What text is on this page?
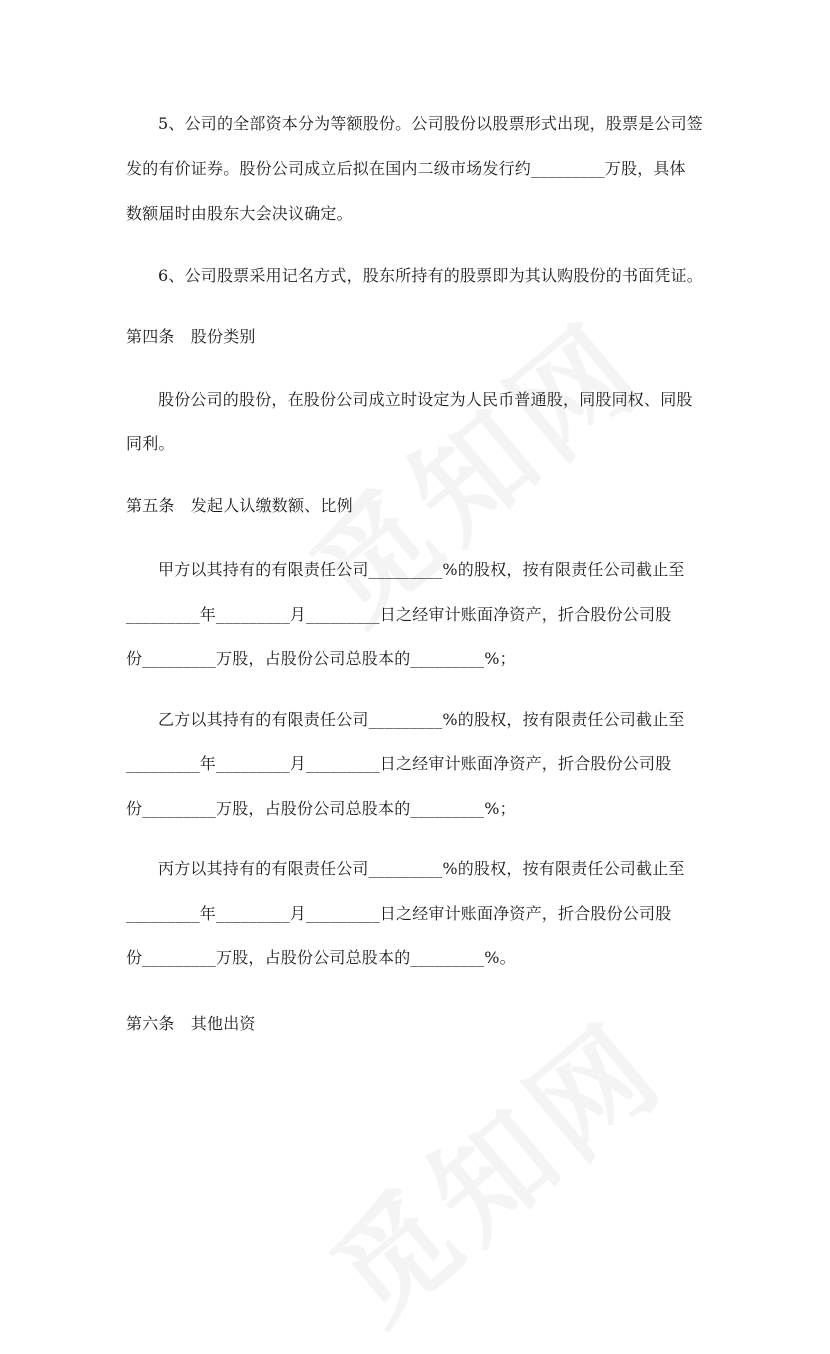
5、公司的全部资本分为等额股份。公司股份以股票形式出现，股票是公司签
发的有价证券。股份公司成立后拟在国内二级市场发行约_________万股，具体
数额届时由股东大会决议确定。
6、公司股票采用记名方式，股东所持有的股票即为其认购股份的书面凭证。
第四条　股份类别
股份公司的股份，在股份公司成立时设定为人民币普通股，同股同权、同股
同利。
第五条　发起人认缴数额、比例
甲方以其持有的有限责任公司_________%的股权，按有限责任公司截止至
_________年_________月_________日之经审计账面净资产，折合股份公司股
份_________万股，占股份公司总股本的_________%；
乙方以其持有的有限责任公司_________%的股权，按有限责任公司截止至
_________年_________月_________日之经审计账面净资产，折合股份公司股
份_________万股，占股份公司总股本的_________%；
丙方以其持有的有限责任公司_________%的股权，按有限责任公司截止至
_________年_________月_________日之经审计账面净资产，折合股份公司股
份_________万股，占股份公司总股本的_________%。
第六条　其他出资
